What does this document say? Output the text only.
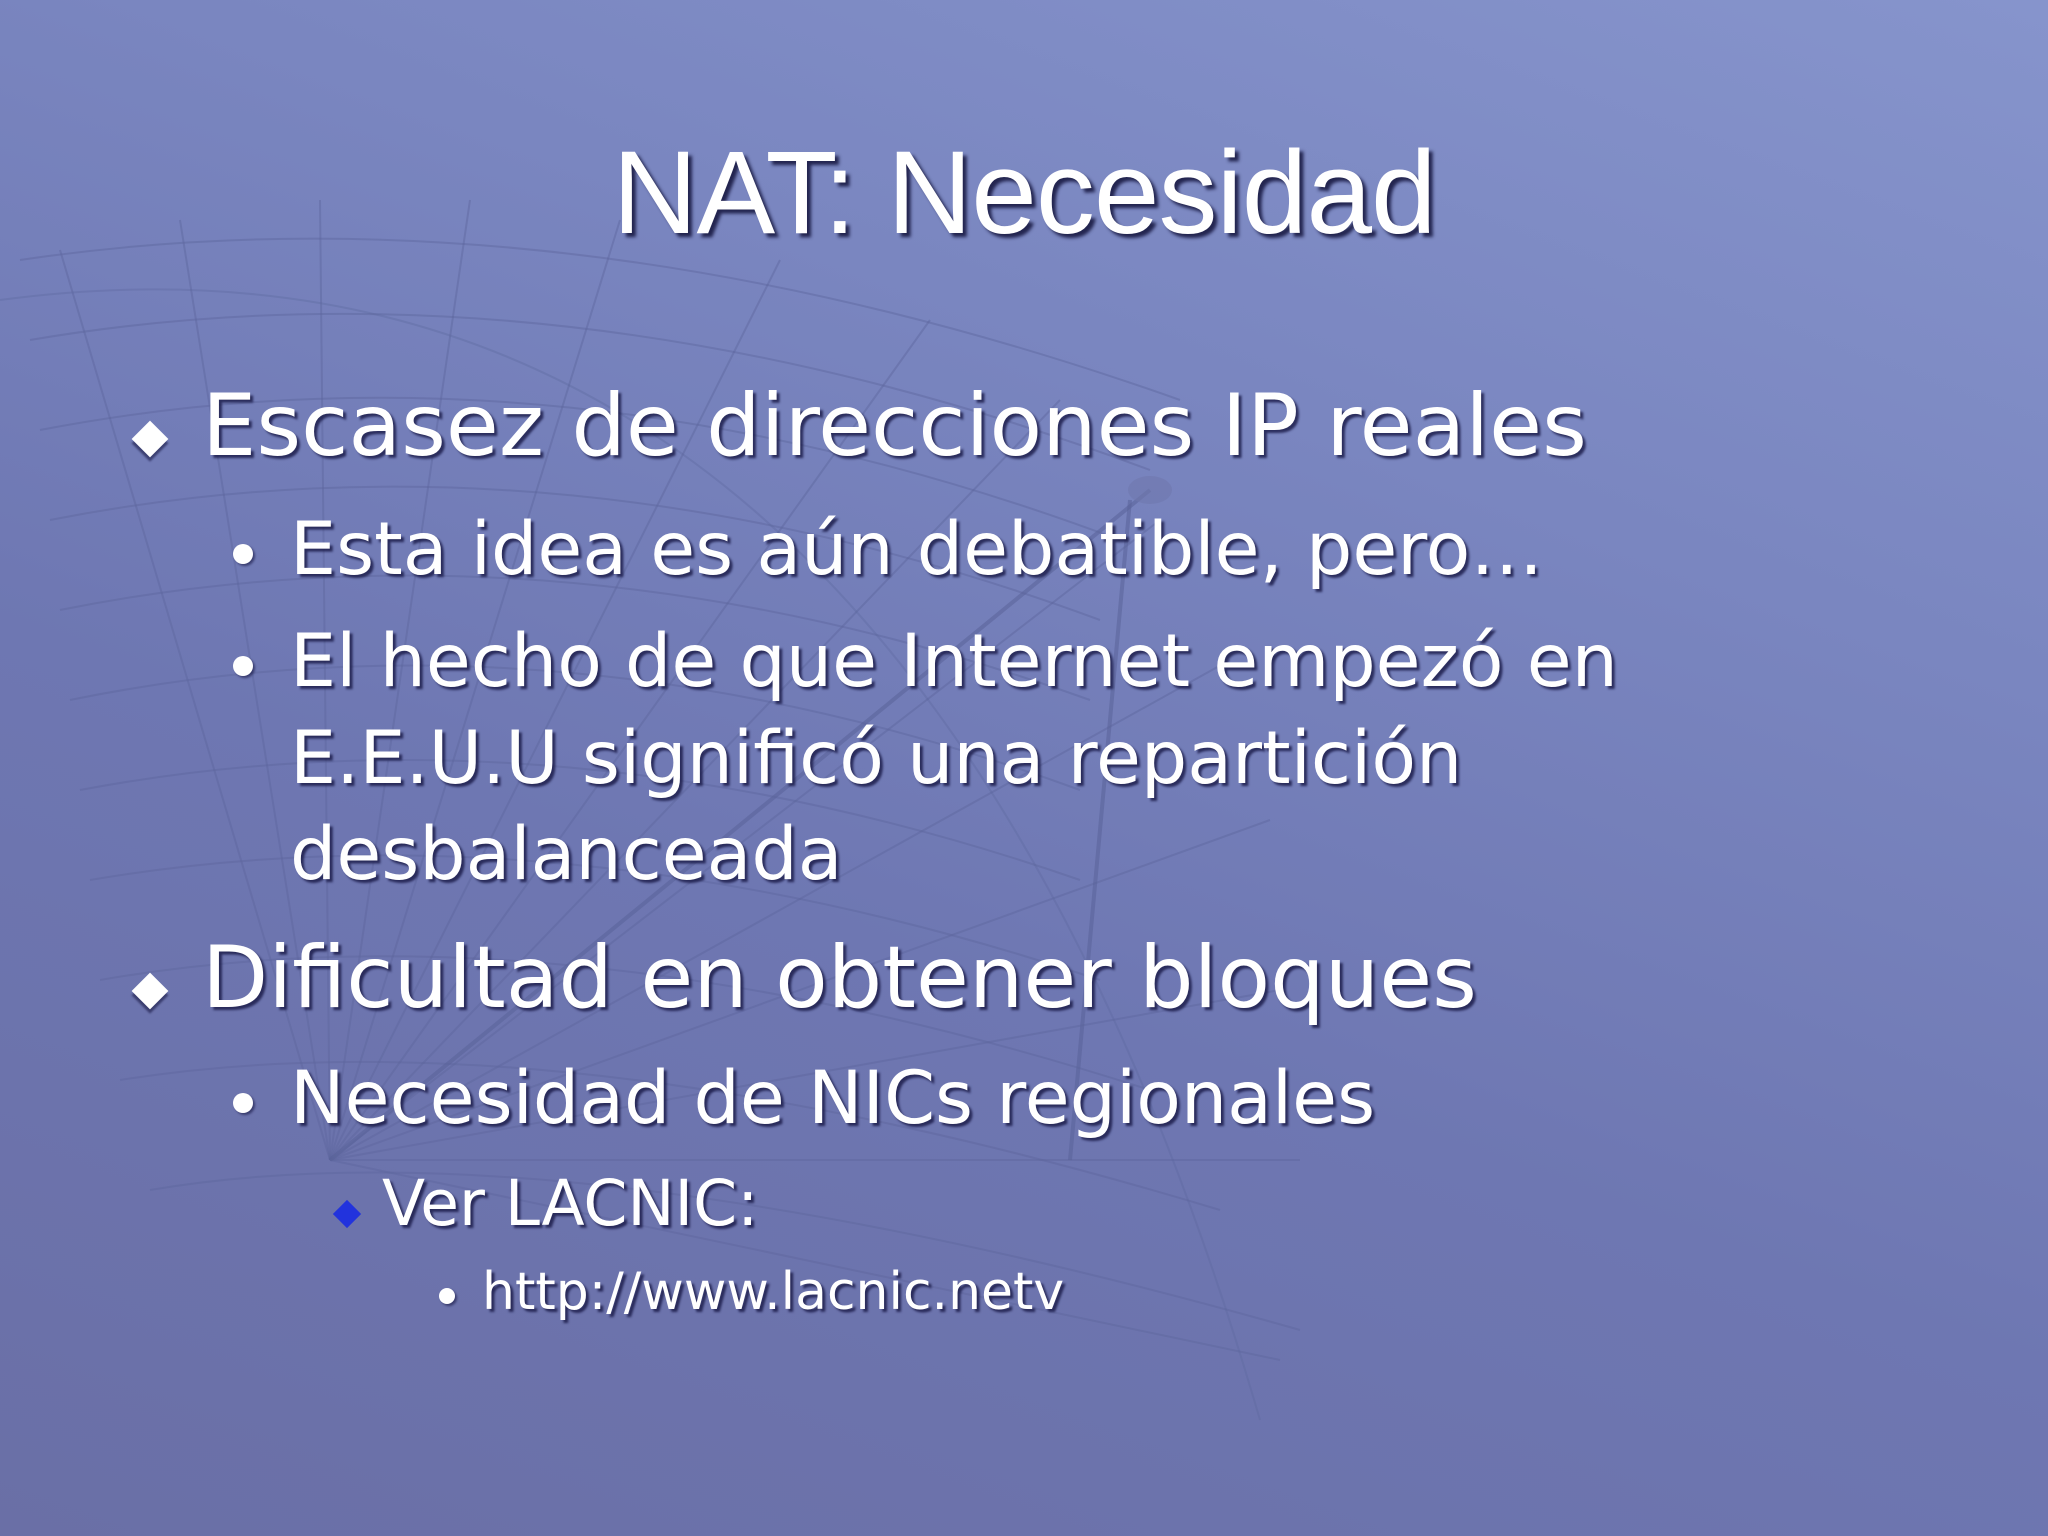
NAT: Necesidad
Escasez de direcciones IP reales
Esta idea es aún debatible, pero…
El hecho de que Internet empezó en
E.E.U.U significó una repartición
desbalanceada
Dificultad en obtener bloques
Necesidad de NICs regionales
Ver LACNIC:
http://www.lacnic.netv
